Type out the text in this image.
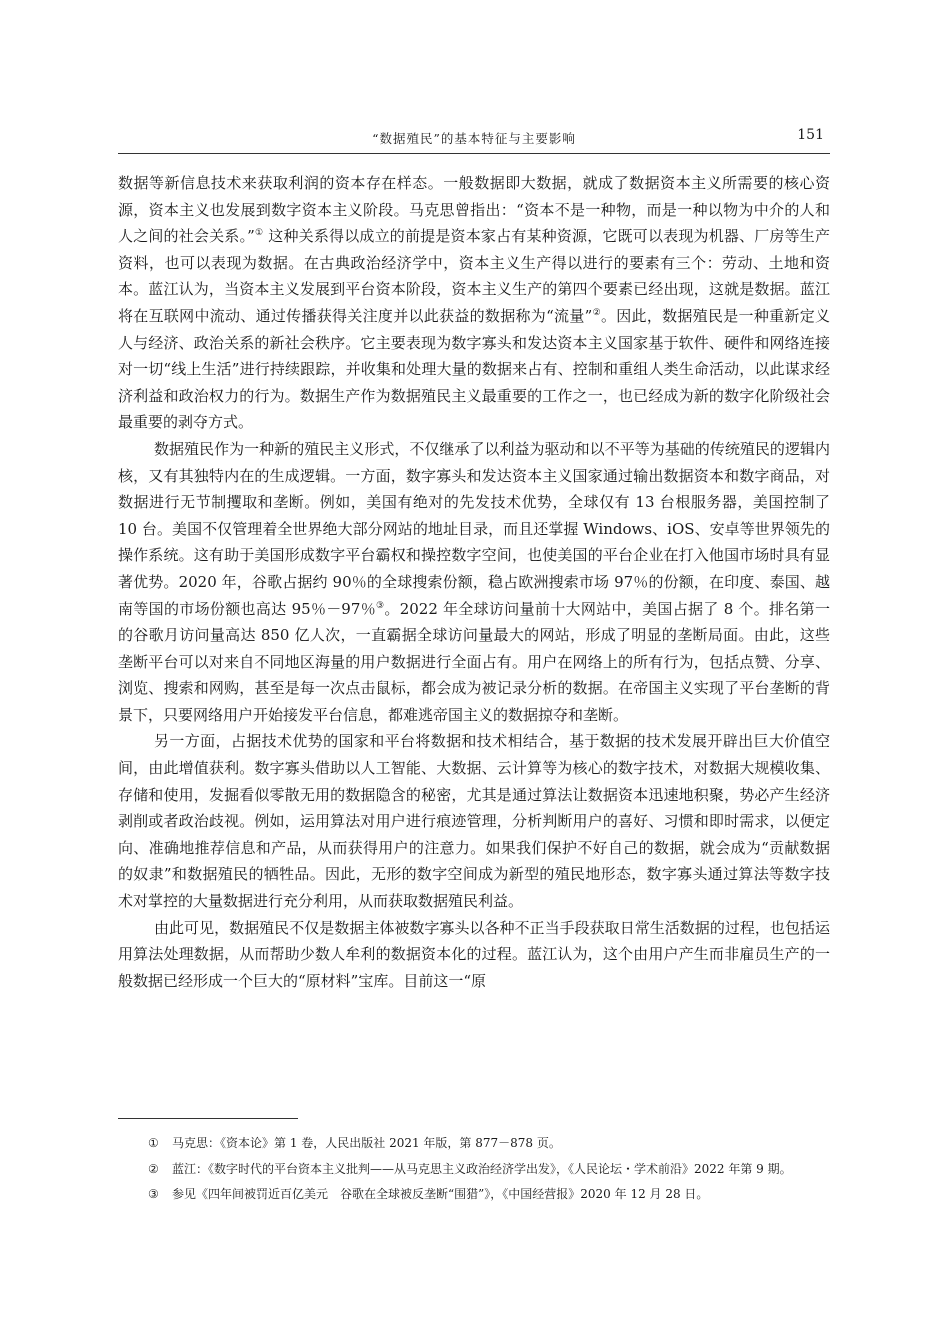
“数据殖民”的基本特征与主要影响	151

数据等新信息技术来获取利润的资本存在样态。一般数据即大数据，就成了数据资本主义所需要的核心资源，资本主义也发展到数字资本主义阶段。马克思曾指出：“资本不是一种物，而是一种以物为中介的人和人之间的社会关系。”① 这种关系得以成立的前提是资本家占有某种资源，它既可以表现为机器、厂房等生产资料，也可以表现为数据。在古典政治经济学中，资本主义生产得以进行的要素有三个：劳动、土地和资本。蓝江认为，当资本主义发展到平台资本阶段，资本主义生产的第四个要素已经出现，这就是数据。蓝江将在互联网中流动、通过传播获得关注度并以此获益的数据称为“流量”②。因此，数据殖民是一种重新定义人与经济、政治关系的新社会秩序。它主要表现为数字寡头和发达资本主义国家基于软件、硬件和网络连接对一切“线上生活”进行持续跟踪，并收集和处理大量的数据来占有、控制和重组人类生命活动，以此谋求经济利益和政治权力的行为。数据生产作为数据殖民主义最重要的工作之一，也已经成为新的数字化阶级社会最重要的剥夺方式。

数据殖民作为一种新的殖民主义形式，不仅继承了以利益为驱动和以不平等为基础的传统殖民的逻辑内核，又有其独特内在的生成逻辑。一方面，数字寡头和发达资本主义国家通过输出数据资本和数字商品，对数据进行无节制攫取和垄断。例如，美国有绝对的先发技术优势，全球仅有 13 台根服务器，美国控制了 10 台。美国不仅管理着全世界绝大部分网站的地址目录，而且还掌握 Windows、iOS、安卓等世界领先的操作系统。这有助于美国形成数字平台霸权和操控数字空间，也使美国的平台企业在打入他国市场时具有显著优势。2020 年，谷歌占据约 90％的全球搜索份额，稳占欧洲搜索市场 97％的份额，在印度、泰国、越南等国的市场份额也高达 95％－97％③。2022 年全球访问量前十大网站中，美国占据了 8 个。排名第一的谷歌月访问量高达 850 亿人次，一直霸据全球访问量最大的网站，形成了明显的垄断局面。由此，这些垄断平台可以对来自不同地区海量的用户数据进行全面占有。用户在网络上的所有行为，包括点赞、分享、浏览、搜索和网购，甚至是每一次点击鼠标，都会成为被记录分析的数据。在帝国主义实现了平台垄断的背景下，只要网络用户开始接发平台信息，都难逃帝国主义的数据掠夺和垄断。

另一方面，占据技术优势的国家和平台将数据和技术相结合，基于数据的技术发展开辟出巨大价值空间，由此增值获利。数字寡头借助以人工智能、大数据、云计算等为核心的数字技术，对数据大规模收集、存储和使用，发掘看似零散无用的数据隐含的秘密，尤其是通过算法让数据资本迅速地积聚，势必产生经济剥削或者政治歧视。例如，运用算法对用户进行痕迹管理，分析判断用户的喜好、习惯和即时需求，以便定向、准确地推荐信息和产品，从而获得用户的注意力。如果我们保护不好自己的数据，就会成为“贡献数据的奴隶”和数据殖民的牺牲品。因此，无形的数字空间成为新型的殖民地形态，数字寡头通过算法等数字技术对掌控的大量数据进行充分利用，从而获取数据殖民利益。

由此可见，数据殖民不仅是数据主体被数字寡头以各种不正当手段获取日常生活数据的过程，也包括运用算法处理数据，从而帮助少数人牟利的数据资本化的过程。蓝江认为，这个由用户产生而非雇员生产的一般数据已经形成一个巨大的“原材料”宝库。目前这一“原

① 马克思：《资本论》第 1 卷，人民出版社 2021 年版，第 877－878 页。

② 蓝江：《数字时代的平台资本主义批判——从马克思主义政治经济学出发》，《人民论坛・学术前沿》2022 年第 9 期。

③ 参见《四年间被罚近百亿美元　谷歌在全球被反垄断“围猎”》，《中国经营报》2020 年 12 月 28 日。
